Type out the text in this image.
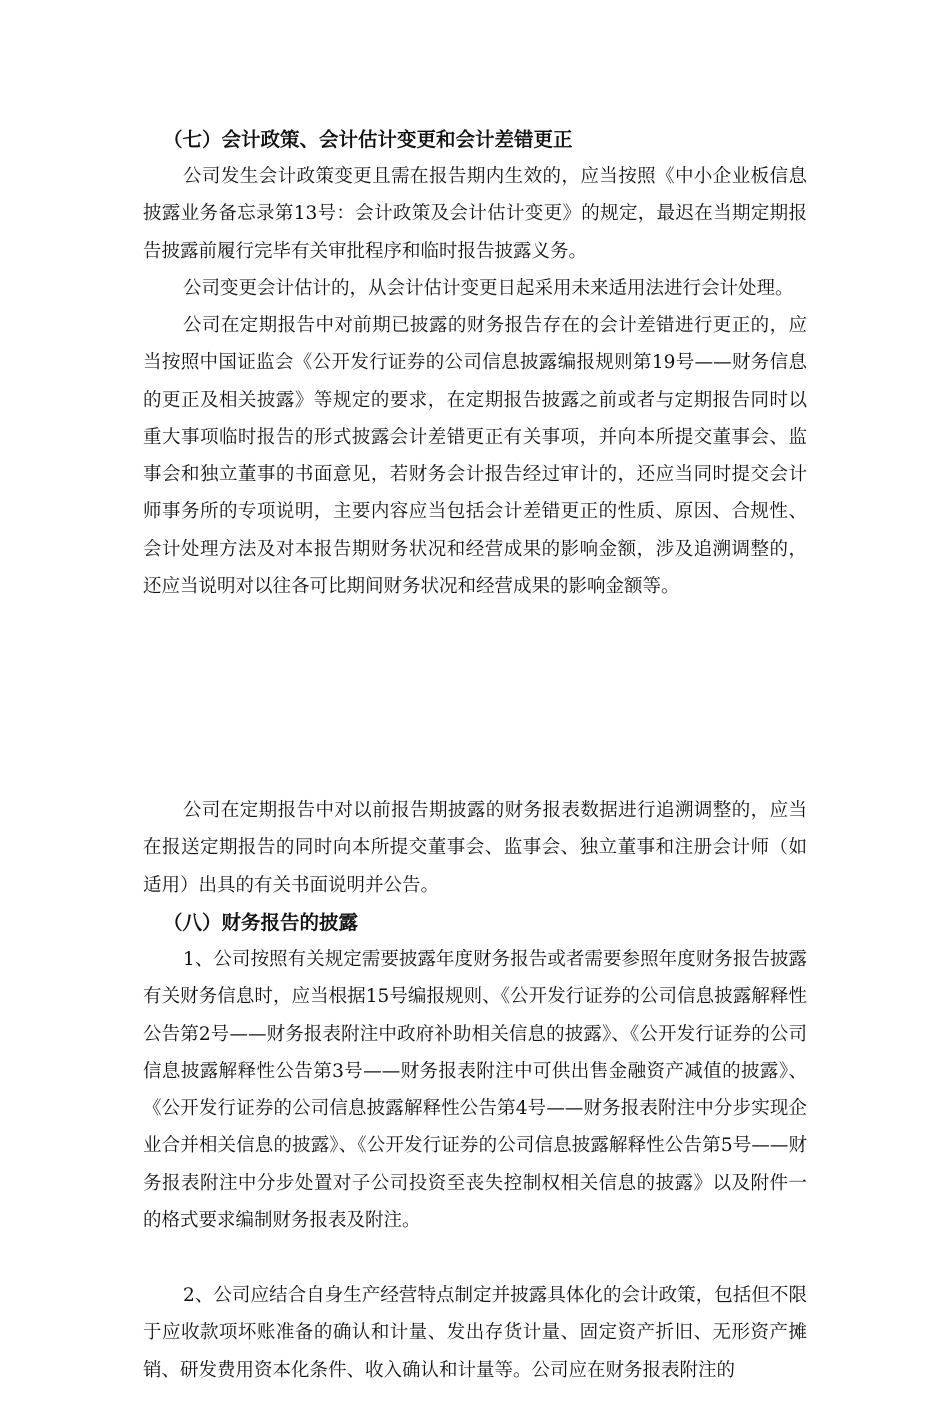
（七）会计政策、会计估计变更和会计差错更正

公司发生会计政策变更且需在报告期内生效的，应当按照《中小企业板信息披露业务备忘录第13号：会计政策及会计估计变更》的规定，最迟在当期定期报告披露前履行完毕有关审批程序和临时报告披露义务。

公司变更会计估计的，从会计估计变更日起采用未来适用法进行会计处理。

公司在定期报告中对前期已披露的财务报告存在的会计差错进行更正的，应当按照中国证监会《公开发行证券的公司信息披露编报规则第19号——财务信息的更正及相关披露》等规定的要求，在定期报告披露之前或者与定期报告同时以重大事项临时报告的形式披露会计差错更正有关事项，并向本所提交董事会、监事会和独立董事的书面意见，若财务会计报告经过审计的，还应当同时提交会计师事务所的专项说明，主要内容应当包括会计差错更正的性质、原因、合规性、会计处理方法及对本报告期财务状况和经营成果的影响金额，涉及追溯调整的，还应当说明对以往各可比期间财务状况和经营成果的影响金额等。

公司在定期报告中对以前报告期披露的财务报表数据进行追溯调整的，应当在报送定期报告的同时向本所提交董事会、监事会、独立董事和注册会计师（如适用）出具的有关书面说明并公告。

（八）财务报告的披露

1、公司按照有关规定需要披露年度财务报告或者需要参照年度财务报告披露有关财务信息时，应当根据15号编报规则、《公开发行证券的公司信息披露解释性公告第2号——财务报表附注中政府补助相关信息的披露》、《公开发行证券的公司信息披露解释性公告第3号——财务报表附注中可供出售金融资产减值的披露》、《公开发行证券的公司信息披露解释性公告第4号——财务报表附注中分步实现企业合并相关信息的披露》、《公开发行证券的公司信息披露解释性公告第5号——财务报表附注中分步处置对子公司投资至丧失控制权相关信息的披露》以及附件一的格式要求编制财务报表及附注。

2、公司应结合自身生产经营特点制定并披露具体化的会计政策，包括但不限于应收款项坏账准备的确认和计量、发出存货计量、固定资产折旧、无形资产摊销、研发费用资本化条件、收入确认和计量等。公司应在财务报表附注的
